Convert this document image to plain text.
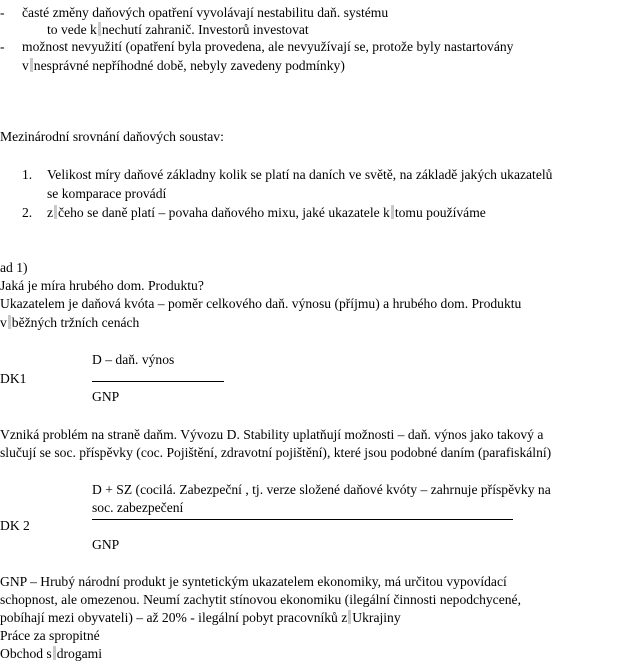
- časté změny daňových opatření vyvolávají nestabilitu daň. systému
to vede k nechutí zahranič. Investorů investovat
- možnost nevyužití (opatření byla provedena, ale nevyužívají se, protože byly nastartovány
v nesprávné nepříhodné době, nebyly zavedeny podmínky)
Mezinárodní srovnání daňových soustav:
1. Velikost míry daňové základny kolik se platí na daních ve světě, na základě jakých ukazatelů
se komparace provádí
2. z čeho se daně platí – povaha daňového mixu, jaké ukazatele k tomu používáme
ad 1)
Jaká je míra hrubého dom. Produktu?
Ukazatelem je daňová kvóta – poměr celkového daň. výnosu (příjmu) a hrubého dom. Produktu
v běžných tržních cenách
D – daň. výnos
DK1
GNP
Vzniká problém na straně daňm. Vývozu D. Stability uplatňují možnosti – daň. výnos jako takový a
slučují se soc. příspěvky (coc. Pojištění, zdravotní pojištění), které jsou podobné daním (parafiskální)
D + SZ (cocilá. Zabezpeční , tj. verze složené daňové kvóty – zahrnuje příspěvky na
soc. zabezpečení
DK 2
GNP
GNP – Hrubý národní produkt je syntetickým ukazatelem ekonomiky, má určitou vypovídací
schopnost, ale omezenou. Neumí zachytit stínovou ekonomiku (ilegální činnosti nepodchycené,
pobíhají mezi obyvateli) – až 20% - ilegální pobyt pracovníků z Ukrajiny
Práce za spropitné
Obchod s drogami
